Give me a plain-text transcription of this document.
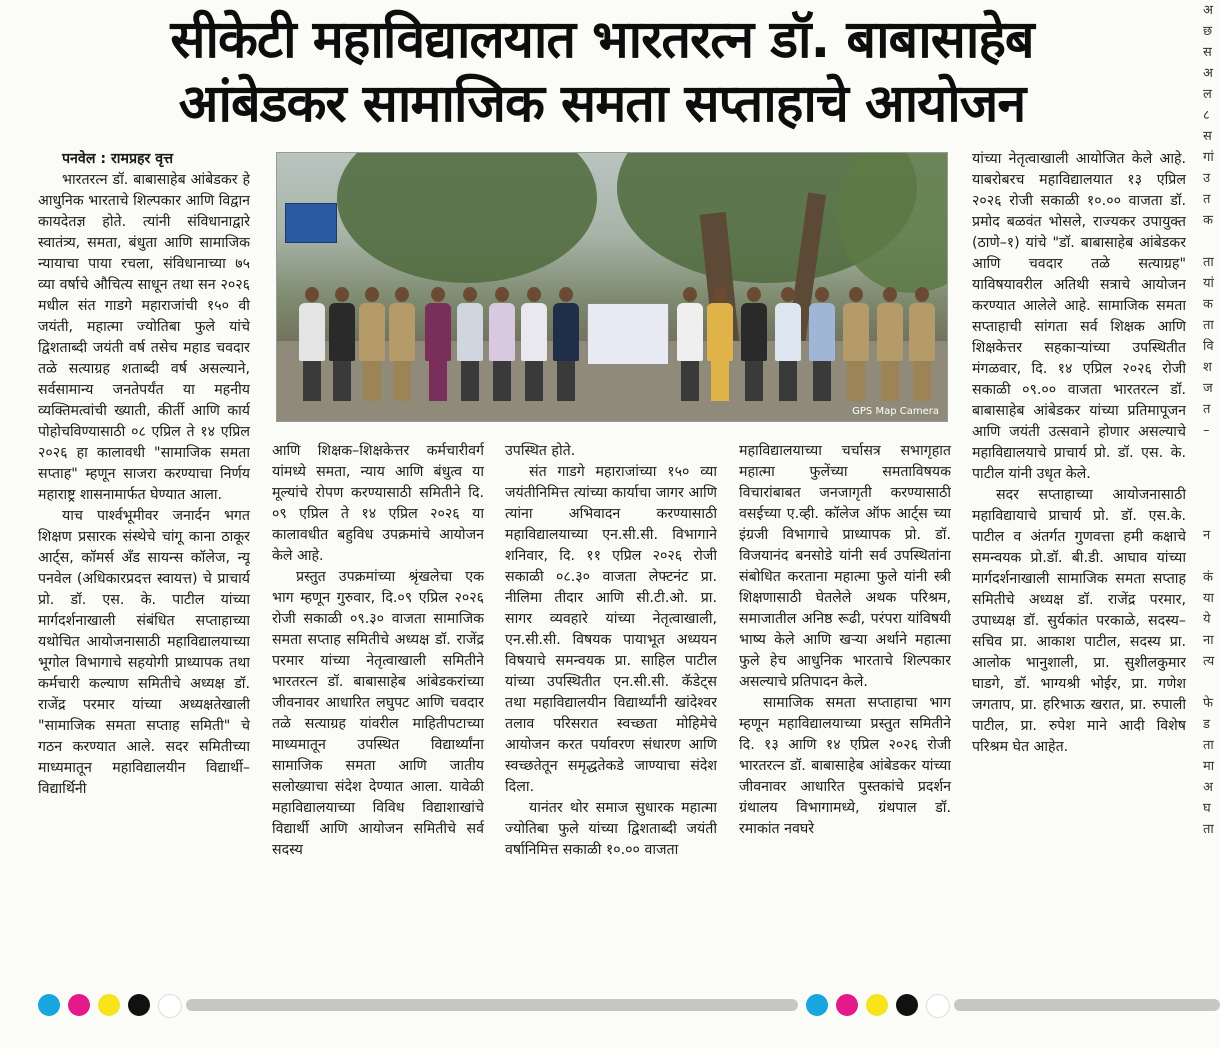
सीकेटी महाविद्यालयात भारतरत्न डॉ. बाबासाहेब
आंबेडकर सामाजिक समता सप्ताहाचे आयोजन

पनवेल : रामप्रहर वृत्त

भारतरत्न डॉ. बाबासाहेब आंबेडकर हे आधुनिक भारताचे शिल्पकार आणि विद्वान कायदेतज्ञ होते. त्यांनी संविधानाद्वारे स्वातंत्र्य, समता, बंधुता आणि सामाजिक न्यायाचा पाया रचला, संविधानाच्या ७५ व्या वर्षाचे औचित्य साधून तथा सन २०२६ मधील संत गाडगे महाराजांची १५० वी जयंती, महात्मा ज्योतिबा फुले यांचे द्विशताब्दी जयंती वर्ष तसेच महाड चवदार तळे सत्याग्रह शताब्दी वर्ष असल्याने, सर्वसामान्य जनतेपर्यंत या महनीय व्यक्तिमत्वांची ख्याती, कीर्ती आणि कार्य पोहोचविण्यासाठी ०८ एप्रिल ते १४ एप्रिल २०२६ हा कालावधी "सामाजिक समता सप्ताह" म्हणून साजरा करण्याचा निर्णय महाराष्ट्र शासनामार्फत घेण्यात आला.

याच पार्श्वभूमीवर जनार्दन भगत शिक्षण प्रसारक संस्थेचे चांगू काना ठाकूर आर्ट्स, कॉमर्स अँड सायन्स कॉलेज, न्यू पनवेल (अधिकारप्रदत्त स्वायत्त) चे प्राचार्य प्रो. डॉ. एस. के. पाटील यांच्या मार्गदर्शनाखाली संबंधित सप्ताहाच्या यथोचित आयोजनासाठी महाविद्यालयाच्या भूगोल विभागाचे सहयोगी प्राध्यापक तथा कर्मचारी कल्याण समितीचे अध्यक्ष डॉ. राजेंद्र परमार यांच्या अध्यक्षतेखाली "सामाजिक समता सप्ताह समिती" चे गठन करण्यात आले. सदर समितीच्या माध्यमातून महाविद्यालयीन विद्यार्थी–विद्यार्थिनी

GPS Map Camera

आणि शिक्षक–शिक्षकेत्तर कर्मचारीवर्ग यांमध्ये समता, न्याय आणि बंधुत्व या मूल्यांचे रोपण करण्यासाठी समितीने दि. ०९ एप्रिल ते १४ एप्रिल २०२६ या कालावधीत बहुविध उपक्रमांचे आयोजन केले आहे.

प्रस्तुत उपक्रमांच्या श्रृंखलेचा एक भाग म्हणून गुरुवार, दि.०९ एप्रिल २०२६ रोजी सकाळी ०९.३० वाजता सामाजिक समता सप्ताह समितीचे अध्यक्ष डॉ. राजेंद्र परमार यांच्या नेतृत्वाखाली समितीने भारतरत्न डॉ. बाबासाहेब आंबेडकरांच्या जीवनावर आधारित लघुपट आणि चवदार तळे सत्याग्रह यांवरील माहितीपटाच्या माध्यमातून उपस्थित विद्यार्थ्यांना सामाजिक समता आणि जातीय सलोख्याचा संदेश देण्यात आला. यावेळी महाविद्यालयाच्या विविध विद्याशाखांचे विद्यार्थी आणि आयोजन समितीचे सर्व सदस्य

उपस्थित होते.

संत गाडगे महाराजांच्या १५० व्या जयंतीनिमित्त त्यांच्या कार्याचा जागर आणि त्यांना अभिवादन करण्यासाठी महाविद्यालयाच्या एन.सी.सी. विभागाने शनिवार, दि. ११ एप्रिल २०२६ रोजी सकाळी ०८.३० वाजता लेफ्टनंट प्रा. नीलिमा तीदार आणि सी.टी.ओ. प्रा. सागर व्यवहारे यांच्या नेतृत्वाखाली, एन.सी.सी. विषयक पायाभूत अध्ययन विषयाचे समन्वयक प्रा. साहिल पाटील यांच्या उपस्थितीत एन.सी.सी. कॅडेट्स तथा महाविद्यालयीन विद्यार्थ्यांनी खांदेश्वर तलाव परिसरात स्वच्छता मोहिमेचे आयोजन करत पर्यावरण संधारण आणि स्वच्छतेतून समृद्धतेकडे जाण्याचा संदेश दिला.

यानंतर थोर समाज सुधारक महात्मा ज्योतिबा फुले यांच्या द्विशताब्दी जयंती वर्षानिमित्त सकाळी १०.०० वाजता

महाविद्यालयाच्या चर्चासत्र सभागृहात महात्मा फुलेंच्या समताविषयक विचारांबाबत जनजागृती करण्यासाठी वसईच्या ए.व्ही. कॉलेज ऑफ आर्ट्स च्या इंग्रजी विभागाचे प्राध्यापक प्रो. डॉ. विजयानंद बनसोडे यांनी सर्व उपस्थितांना संबोधित करताना महात्मा फुले यांनी स्त्री शिक्षणासाठी घेतलेले अथक परिश्रम, समाजातील अनिष्ठ रूढी, परंपरा यांविषयी भाष्य केले आणि खऱ्या अर्थाने महात्मा फुले हेच आधुनिक भारताचे शिल्पकार असल्याचे प्रतिपादन केले.

सामाजिक समता सप्ताहाचा भाग म्हणून महाविद्यालयाच्या प्रस्तुत समितीने दि. १३ आणि १४ एप्रिल २०२६ रोजी भारतरत्न डॉ. बाबासाहेब आंबेडकर यांच्या जीवनावर आधारित पुस्तकांचे प्रदर्शन ग्रंथालय विभागामध्ये, ग्रंथपाल डॉ. रमाकांत नवघरे

यांच्या नेतृत्वाखाली आयोजित केले आहे. याबरोबरच महाविद्यालयात १३ एप्रिल २०२६ रोजी सकाळी १०.०० वाजता डॉ. प्रमोद बळवंत भोसले, राज्यकर उपायुक्त (ठाणे–१) यांचे "डॉ. बाबासाहेब आंबेडकर आणि चवदार तळे सत्याग्रह" याविषयावरील अतिथी सत्राचे आयोजन करण्यात आलेले आहे. सामाजिक समता सप्ताहाची सांगता सर्व शिक्षक आणि शिक्षकेत्तर सहकाऱ्यांच्या उपस्थितीत मंगळवार, दि. १४ एप्रिल २०२६ रोजी सकाळी ०९.०० वाजता भारतरत्न डॉ. बाबासाहेब आंबेडकर यांच्या प्रतिमापूजन आणि जयंती उत्सवाने होणार असल्याचे महाविद्यालयाचे प्राचार्य प्रो. डॉ. एस. के. पाटील यांनी उधृत केले.

सदर सप्ताहाच्या आयोजनासाठी महाविद्यायाचे प्राचार्य प्रो. डॉ. एस.के. पाटील व अंतर्गत गुणवत्ता हमी कक्षाचे समन्वयक प्रो.डॉ. बी.डी. आघाव यांच्या मार्गदर्शनाखाली सामाजिक समता सप्ताह समितीचे अध्यक्ष डॉ. राजेंद्र परमार, उपाध्यक्ष डॉ. सुर्यकांत परकाळे, सदस्य–सचिव प्रा. आकाश पाटील, सदस्य प्रा. आलोक भानुशाली, प्रा. सुशीलकुमार घाडगे, डॉ. भाग्यश्री भोईर, प्रा. गणेश जगताप, प्रा. हरिभाऊ खरात, प्रा. रुपाली पाटील, प्रा. रुपेश माने आदी विशेष परिश्रम घेत आहेत.

अ
छ
स
अ
ल
८
स
गां
उ
त
क

ता
यां
क
ता
वि
श
ज
त
–

न

कं
या
ये
ना
त्य

फे
ड
ता
मा
अ
घ
ता
